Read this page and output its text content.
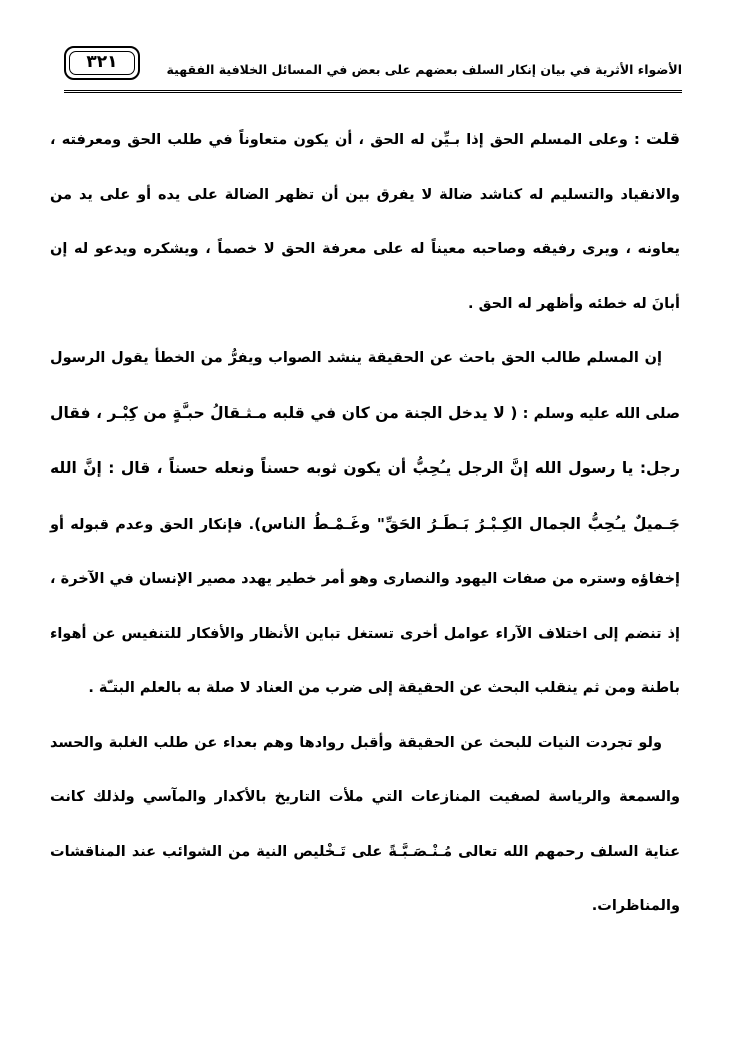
٣٢١	الأضواء الأثرية في بيان إنكار السلف بعضهم على بعض في المسائل الخلافية الفقهية

قلت : وعلى المسلم الحق إذا بـيِّن له الحق ، أن يكون متعاوناً في طلب الحق ومعرفته ، والانقياد والتسليم له كناشد ضالة لا يفرق بين أن تظهر الضالة على يده أو على يد من يعاونه ، ويرى رفيقه وصاحبه معيناً له على معرفة الحق لا خصماً ، ويشكره ويدعو له إن أبانَ له خطئه وأظهر له الحق .

إن المسلم طالب الحق باحث عن الحقيقة ينشد الصواب ويفرُّ من الخطأ يقول الرسول صلى الله عليه وسلم : ( لا يدخل الجنة من كان في قلبه مـثـقالُ حبـَّةٍ من كِبْـر ، فقال رجل: يا رسول الله إنَّ الرجل يـُحِبُّ أن يكون ثوبه حسناً ونعله حسناً ، قال : إنَّ الله جَـميلٌ يـُحِبُّ الجمال الكِـبْـرُ بَـطَـرُ الحَقِّ" وغَـمْـطُ الناس). فإنكار الحق وعدم قبوله أو إخفاؤه وستره من صفات اليهود والنصارى وهو أمر خطير يهدد مصير الإنسان في الآخرة ، إذ تنضم إلى اختلاف الآراء عوامل أخرى تستغل تباين الأنظار والأفكار للتنفيس عن أهواء باطنة ومن ثم ينقلب البحث عن الحقيقة إلى ضرب من العناد لا صلة به بالعلم البتـّة .

ولو تجردت النيات للبحث عن الحقيقة وأقبل روادها وهم بعداء عن طلب الغلبة والحسد والسمعة والرياسة لصفيت المنازعات التي ملأت التاريخ بالأكدار والمآسي ولذلك كانت عناية السلف رحمهم الله تعالى مُـنْـصَـبَّـةً على تَـخْليص النية من الشوائب عند المناقشات والمناظرات.
